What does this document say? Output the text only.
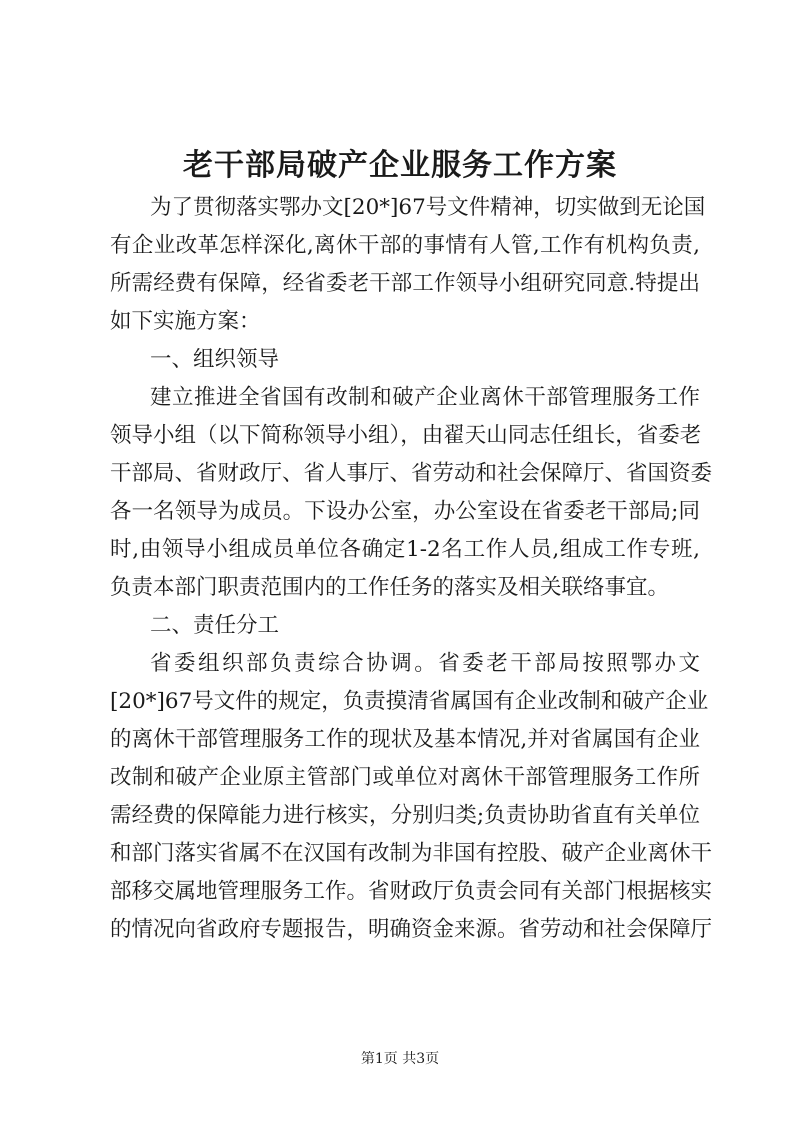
老干部局破产企业服务工作方案
为了贯彻落实鄂办文[20*]67号文件精神，切实做到无论国
有企业改革怎样深化,离休干部的事情有人管,工作有机构负责,
所需经费有保障，经省委老干部工作领导小组研究同意.特提出
如下实施方案：
一、组织领导
建立推进全省国有改制和破产企业离休干部管理服务工作
领导小组（以下简称领导小组），由翟天山同志任组长，省委老
干部局、省财政厅、省人事厅、省劳动和社会保障厅、省国资委
各一名领导为成员。下设办公室，办公室设在省委老干部局;同
时,由领导小组成员单位各确定1-2名工作人员,组成工作专班,
负责本部门职责范围内的工作任务的落实及相关联络事宜。
二、责任分工
省委组织部负责综合协调。省委老干部局按照鄂办文
[20*]67号文件的规定，负责摸清省属国有企业改制和破产企业
的离休干部管理服务工作的现状及基本情况,并对省属国有企业
改制和破产企业原主管部门或单位对离休干部管理服务工作所
需经费的保障能力进行核实，分别归类;负责协助省直有关单位
和部门落实省属不在汉国有改制为非国有控股、破产企业离休干
部移交属地管理服务工作。省财政厅负责会同有关部门根据核实
的情况向省政府专题报告，明确资金来源。省劳动和社会保障厅
第1页 共3页
